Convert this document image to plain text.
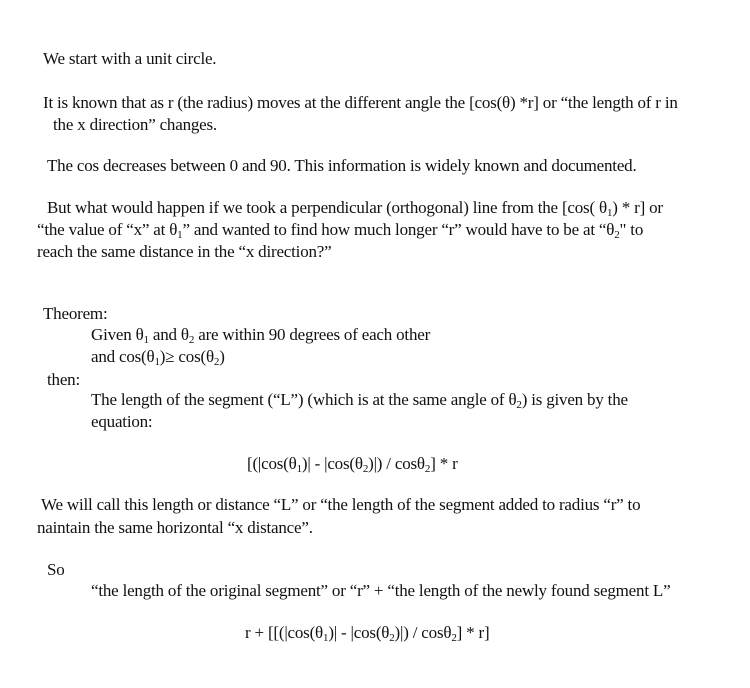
We start with a unit circle.
It is known that as r (the radius) moves at the different angle the [cos(θ) *r] or “the length of r in
the x direction” changes.
The cos decreases between 0 and 90. This information is widely known and documented.
But what would happen if we took a perpendicular (orthogonal) line from the [cos( $\theta_1) * r$] or
“the value of “x” at $\theta_1$” and wanted to find how much longer “r” would have to be at “$\theta_2$" to
reach the same distance in the “x direction?”
Theorem:
Given $\theta_1$ and $\theta_2$ are within 90 degrees of each other
and $\cos(\theta_1)\ge \cos(\theta_2)$
then:
The length of the segment (“L”) (which is at the same angle of $\theta_2$) is given by the
equation:
$[(|\cos(\theta_1)| - |\cos(\theta_2)|) / \cos\theta_2]$ * r
We will call this length or distance “L” or “the length of the segment added to radius “r” to
naintain the same horizontal “x distance”.
So
“the length of the original segment” or “r” + “the length of the newly found segment L”
$r + [[(|\cos(\theta_1)| - |\cos(\theta_2)|) / \cos\theta_2] * r]$
